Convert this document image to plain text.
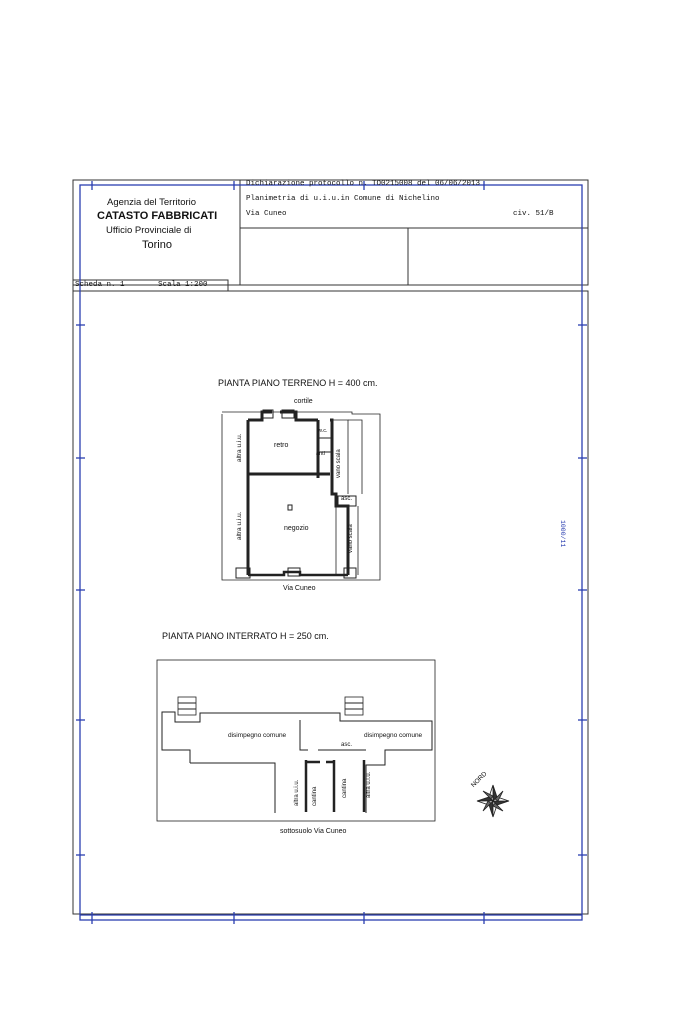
Agenzia del Territorio
CATASTO FABBRICATI
Ufficio Provinciale di
Torino
Dichiarazione protocollo n. TO0215008 del 06/06/2013
Planimetria di u.i.u.in Comune di Nichelino
Via Cuneo	civ. 51/B
Scheda n. 1	Scala 1:200
1000/11
PIANTA PIANO TERRENO H = 400 cm.
cortile
retro
w.c.
anti vano scala
asc.
negozio	vano scala
altra u.i.u.
altra u.i.u.
Via Cuneo
PIANTA PIANO INTERRATO H = 250 cm.
disimpegno comune	disimpegno comune
asc.
cantina	cantina
altra u.i.u.	altra u.i.u.
sottosuolo Via Cuneo
NORD
